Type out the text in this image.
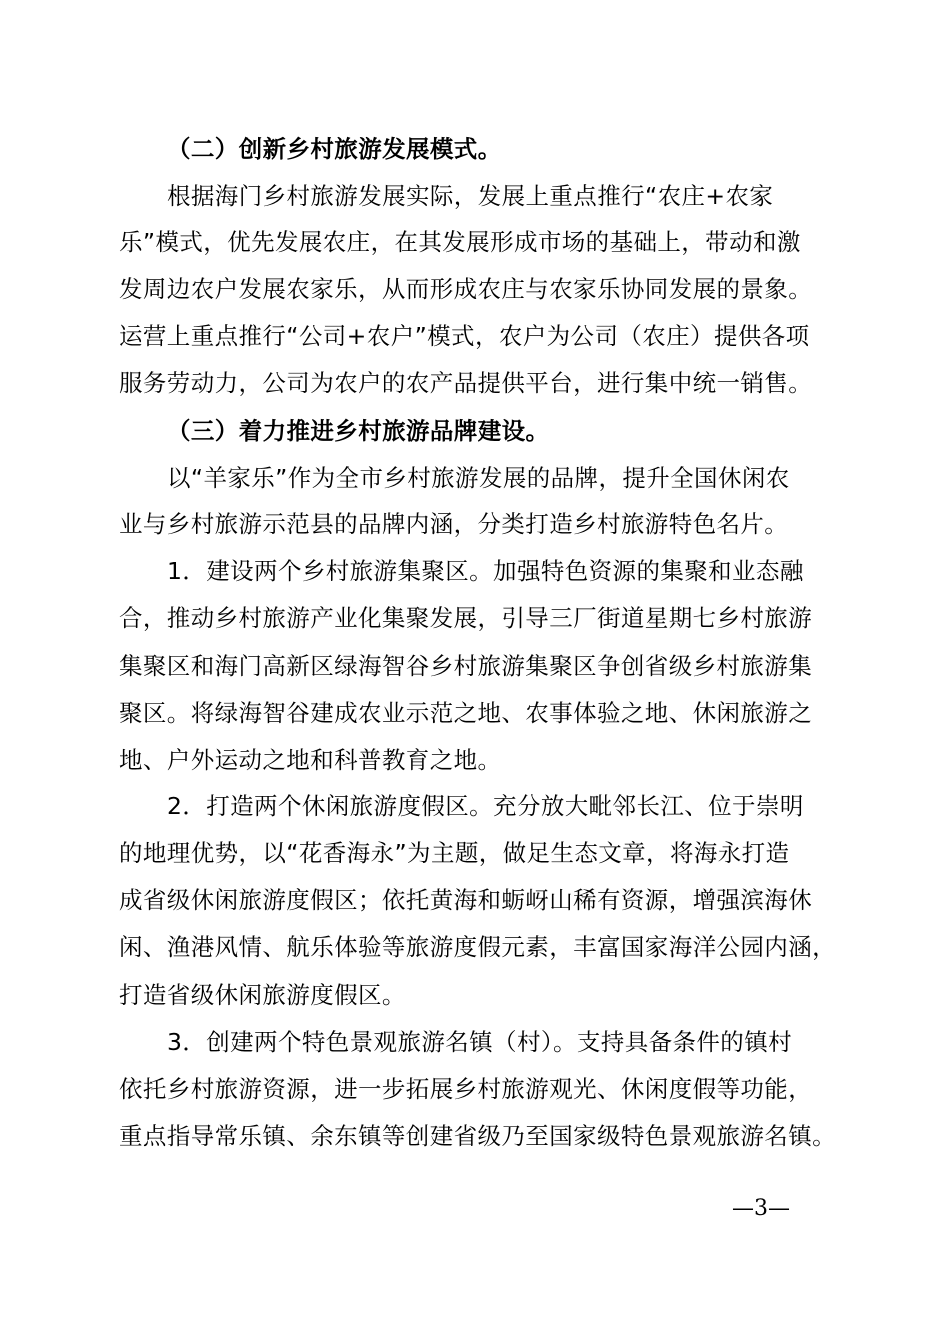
（二）创新乡村旅游发展模式。
根据海门乡村旅游发展实际，发展上重点推行“农庄+农家
乐”模式，优先发展农庄，在其发展形成市场的基础上，带动和激
发周边农户发展农家乐，从而形成农庄与农家乐协同发展的景象。
运营上重点推行“公司+农户”模式，农户为公司（农庄）提供各项
服务劳动力，公司为农户的农产品提供平台，进行集中统一销售。
（三）着力推进乡村旅游品牌建设。
以“羊家乐”作为全市乡村旅游发展的品牌，提升全国休闲农
业与乡村旅游示范县的品牌内涵，分类打造乡村旅游特色名片。
1．建设两个乡村旅游集聚区。加强特色资源的集聚和业态融
合，推动乡村旅游产业化集聚发展，引导三厂街道星期七乡村旅游
集聚区和海门高新区绿海智谷乡村旅游集聚区争创省级乡村旅游集
聚区。将绿海智谷建成农业示范之地、农事体验之地、休闲旅游之
地、户外运动之地和科普教育之地。
2．打造两个休闲旅游度假区。充分放大毗邻长江、位于崇明
的地理优势，以“花香海永”为主题，做足生态文章，将海永打造
成省级休闲旅游度假区；依托黄海和蛎岈山稀有资源，增强滨海休
闲、渔港风情、航乐体验等旅游度假元素，丰富国家海洋公园内涵，
打造省级休闲旅游度假区。
3．创建两个特色景观旅游名镇（村）。支持具备条件的镇村
依托乡村旅游资源，进一步拓展乡村旅游观光、休闲度假等功能，
重点指导常乐镇、余东镇等创建省级乃至国家级特色景观旅游名镇。
—3—
